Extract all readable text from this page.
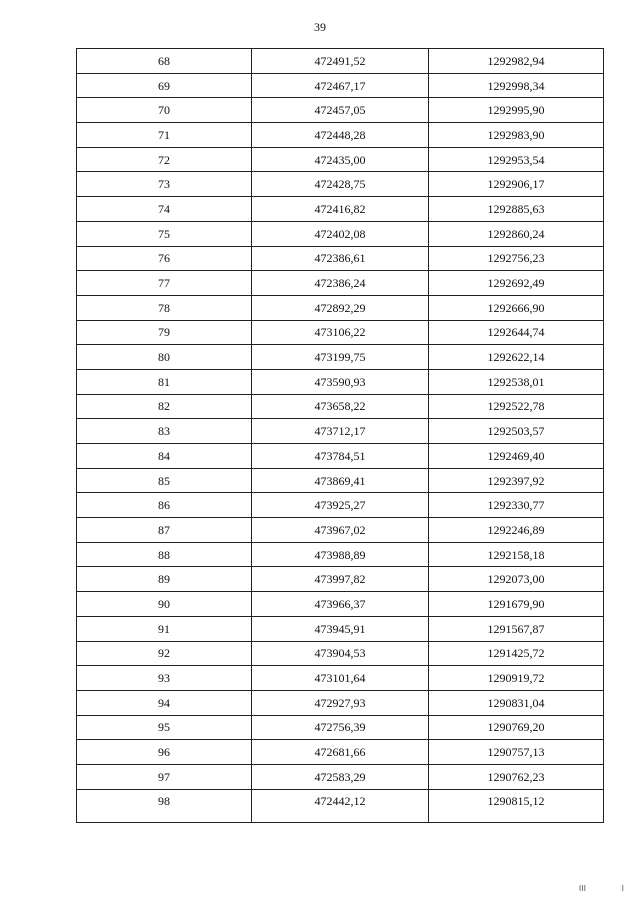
39
68	472491,52	1292982,94
69	472467,17	1292998,34
70	472457,05	1292995,90
71	472448,28	1292983,90
72	472435,00	1292953,54
73	472428,75	1292906,17
74	472416,82	1292885,63
75	472402,08	1292860,24
76	472386,61	1292756,23
77	472386,24	1292692,49
78	472892,29	1292666,90
79	473106,22	1292644,74
80	473199,75	1292622,14
81	473590,93	1292538,01
82	473658,22	1292522,78
83	473712,17	1292503,57
84	473784,51	1292469,40
85	473869,41	1292397,92
86	473925,27	1292330,77
87	473967,02	1292246,89
88	473988,89	1292158,18
89	473997,82	1292073,00
90	473966,37	1291679,90
91	473945,91	1291567,87
92	473904,53	1291425,72
93	473101,64	1290919,72
94	472927,93	1290831,04
95	472756,39	1290769,20
96	472681,66	1290757,13
97	472583,29	1290762,23
98	472442,12	1290815,12
III	I
